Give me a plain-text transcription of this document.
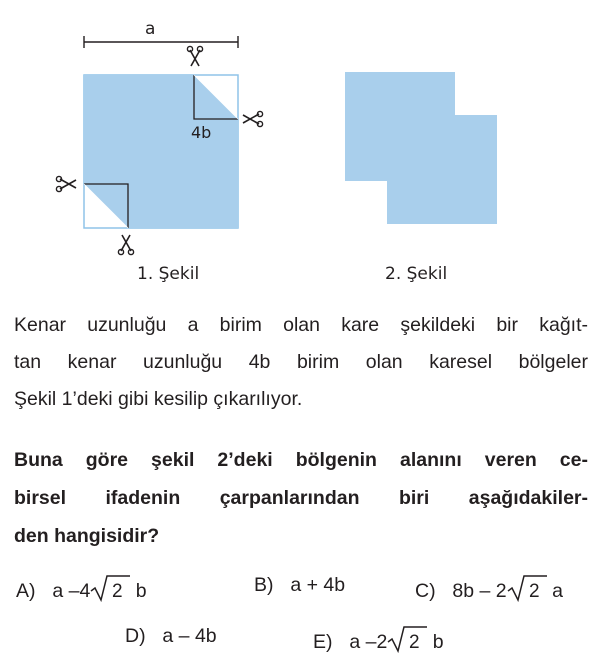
a
4b
1. Şekil	2. Şekil
Kenar uzunluğu a birim olan kare şekildeki bir kağıt-
tan kenar uzunluğu 4b birim olan karesel bölgeler
Şekil 1’deki gibi kesilip çıkarılıyor.
Buna göre şekil 2’deki bölgenin alanını veren ce-
birsel ifadenin çarpanlarından biri aşağıdakiler-
den hangisidir?
A) a –4 2 b	B) a + 4b	C) 8b – 2 2 a
D) a – 4b	E) a –2 2 b
